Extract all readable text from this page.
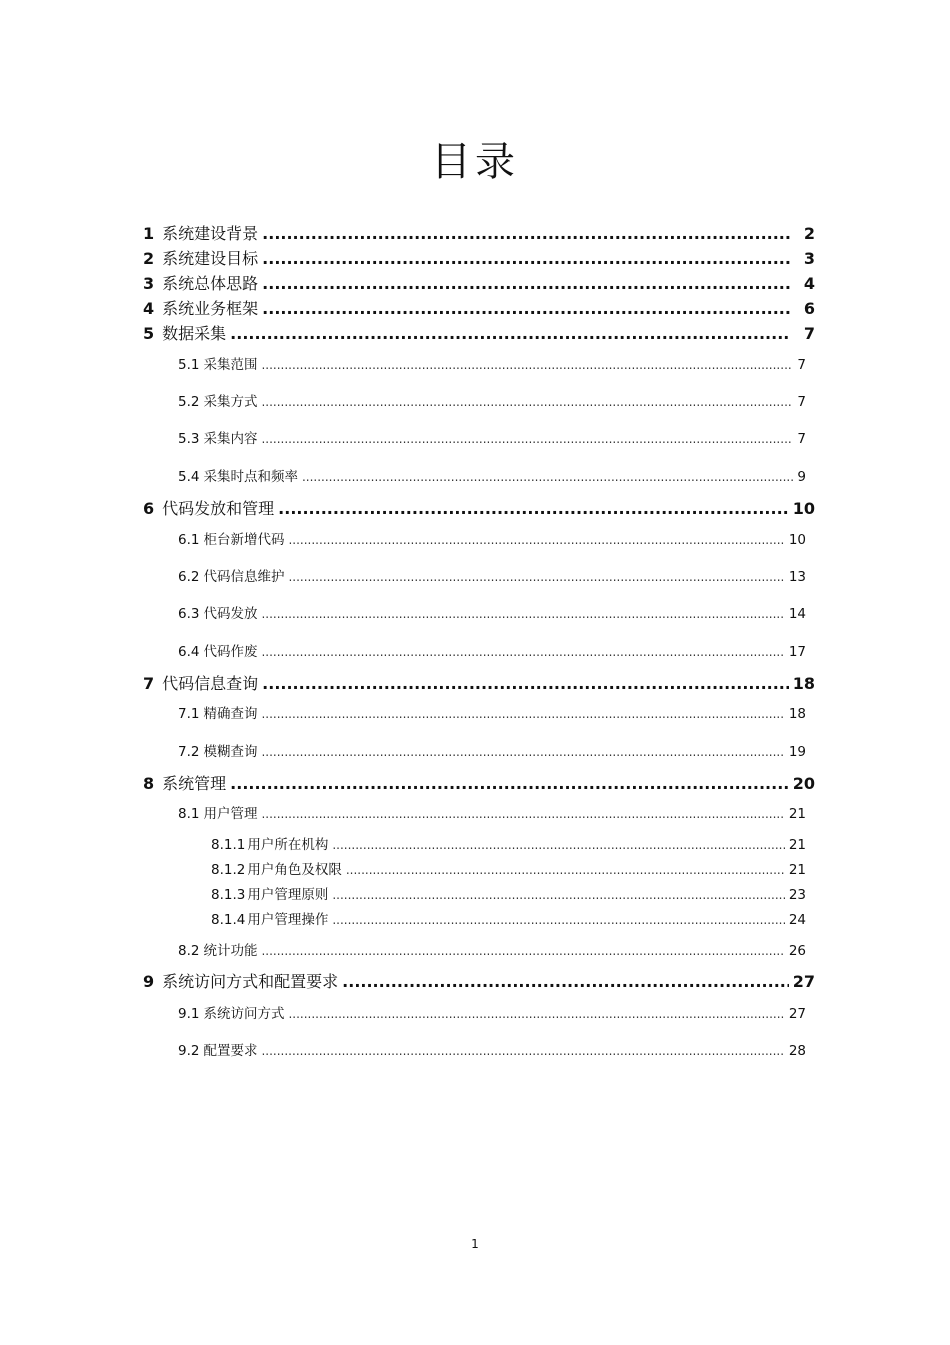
目录
1 系统建设背景 .....	2
2 系统建设目标 .....	3
3 系统总体思路 .....	4
4 系统业务框架 .....	6
5 数据采集 .....	7
5.1 采集范围 .....	7
5.2 采集方式 .....	7
5.3 采集内容 .....	7
5.4 采集时点和频率 .....	9
6 代码发放和管理 .....	10
6.1 柜台新增代码 .....	10
6.2 代码信息维护 .....	13
6.3 代码发放 .....	14
6.4 代码作废 .....	17
7 代码信息查询 .....	18
7.1 精确查询 .....	18
7.2 模糊查询 .....	19
8 系统管理 .....	20
8.1 用户管理 .....	21
8.1.1 用户所在机构 .....	21
8.1.2 用户角色及权限 .....	21
8.1.3 用户管理原则 .....	23
8.1.4 用户管理操作 .....	24
8.2 统计功能 .....	26
9 系统访问方式和配置要求 .....	27
9.1 系统访问方式 .....	27
9.2 配置要求 .....	28
1
